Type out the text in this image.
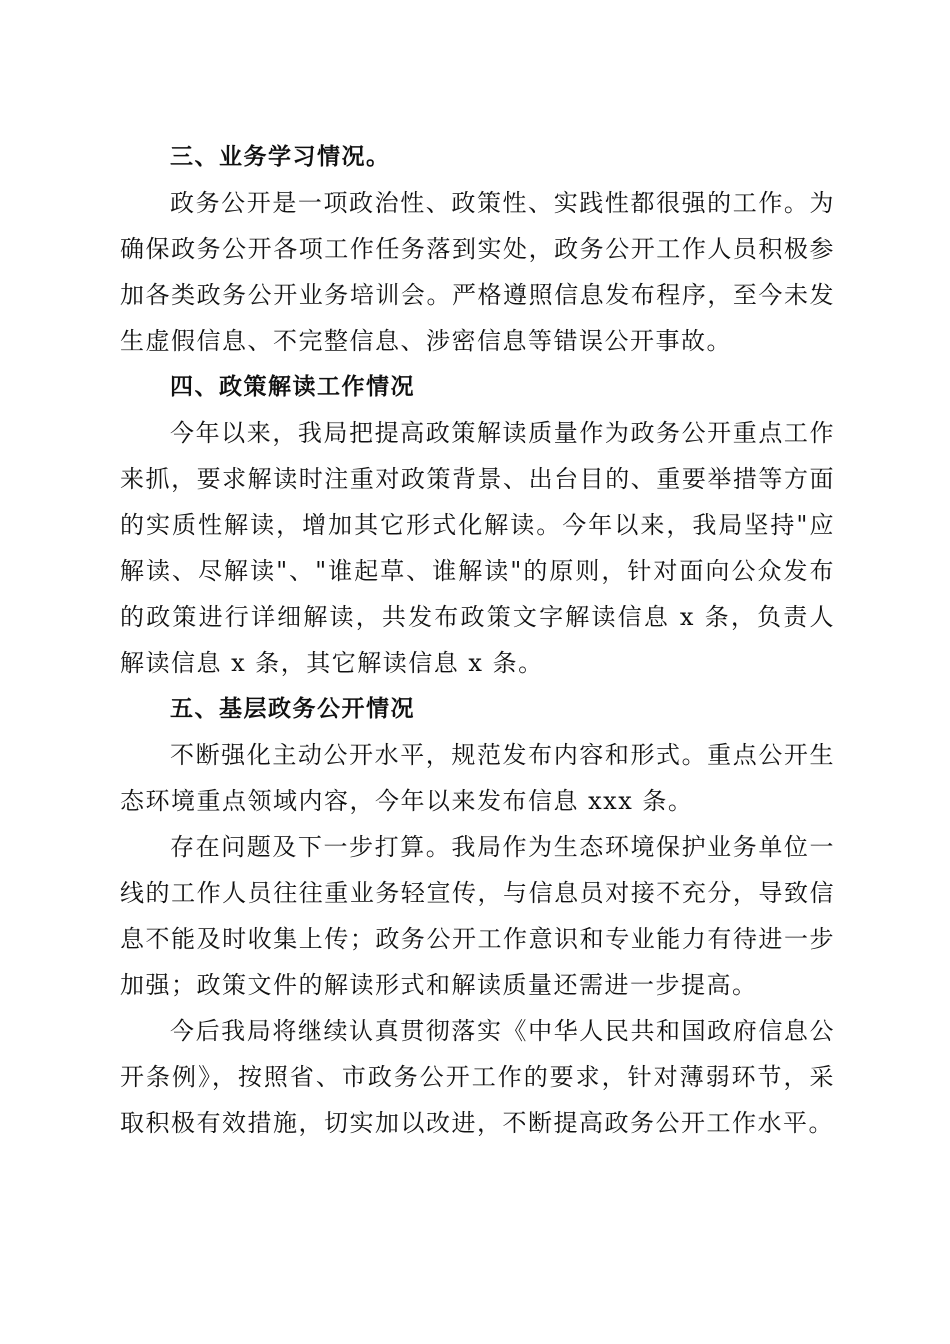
三、业务学习情况。

政务公开是一项政治性、政策性、实践性都很强的工作。为确保政务公开各项工作任务落到实处，政务公开工作人员积极参加各类政务公开业务培训会。严格遵照信息发布程序，至今未发生虚假信息、不完整信息、涉密信息等错误公开事故。

四、政策解读工作情况

今年以来，我局把提高政策解读质量作为政务公开重点工作来抓，要求解读时注重对政策背景、出台目的、重要举措等方面的实质性解读，增加其它形式化解读。今年以来，我局坚持"应解读、尽解读"、"谁起草、谁解读"的原则，针对面向公众发布的政策进行详细解读，共发布政策文字解读信息 x 条，负责人解读信息 x 条，其它解读信息 x 条。

五、基层政务公开情况

不断强化主动公开水平，规范发布内容和形式。重点公开生态环境重点领域内容，今年以来发布信息 xxx 条。

存在问题及下一步打算。我局作为生态环境保护业务单位一线的工作人员往往重业务轻宣传，与信息员对接不充分，导致信息不能及时收集上传；政务公开工作意识和专业能力有待进一步加强；政策文件的解读形式和解读质量还需进一步提高。

今后我局将继续认真贯彻落实《中华人民共和国政府信息公开条例》，按照省、市政务公开工作的要求，针对薄弱环节，采取积极有效措施，切实加以改进，不断提高政务公开工作水平。
